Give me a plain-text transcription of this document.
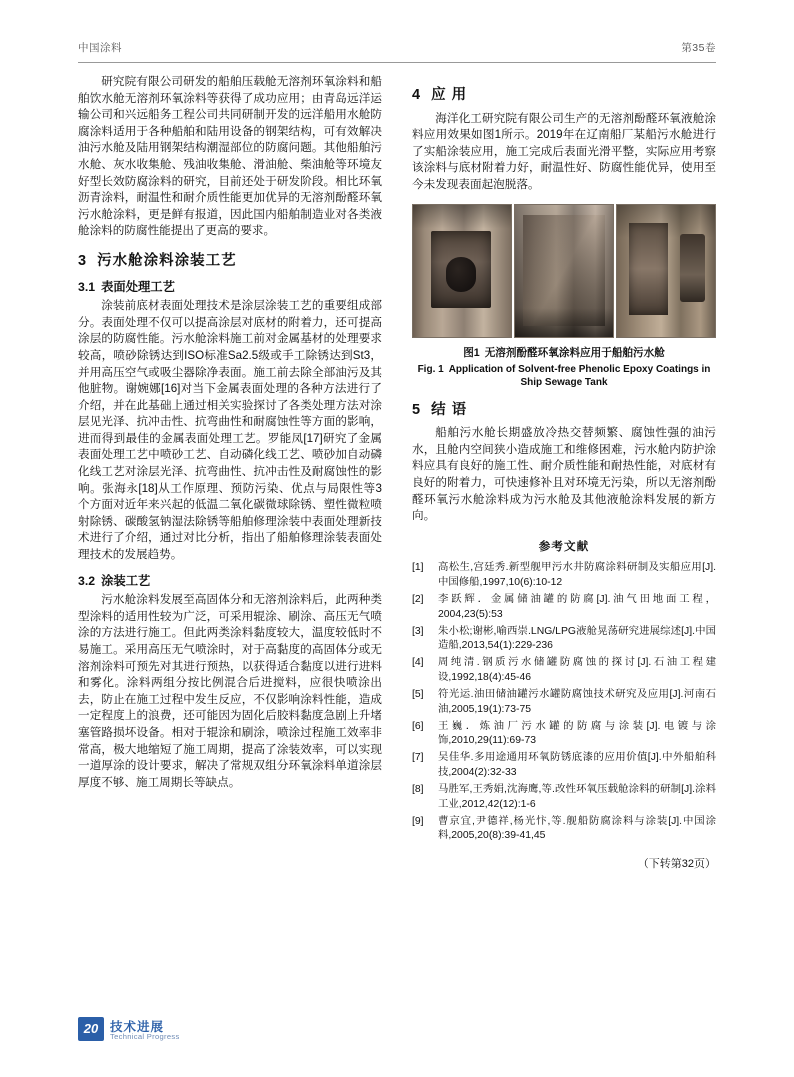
中国涂料	第35卷

研究院有限公司研发的船舶压载舱无溶剂环氧涂料和船舶饮水舱无溶剂环氧涂料等获得了成功应用；由青岛远洋运输公司和兴远船务工程公司共同研制开发的远洋船用水舱防腐涂料适用于各种船舶和陆用设备的钢架结构，可有效解决油污水舱及陆用钢架结构潮湿部位的防腐问题。其他船舶污水舱、灰水收集舱、残油收集舱、滑油舱、柴油舱等环境友好型长效防腐涂料的研究，目前还处于研发阶段。相比环氧沥青涂料，耐温性和耐介质性能更加优异的无溶剂酚醛环氧污水舱涂料，更是鲜有报道，因此国内船舶制造业对各类液舱涂料的防腐性能提出了更高的要求。

3 污水舱涂料涂装工艺
3.1 表面处理工艺

涂装前底材表面处理技术是涂层涂装工艺的重要组成部分。表面处理不仅可以提高涂层对底材的附着力，还可提高涂层的防腐性能。污水舱涂料施工前对金属基材的处理要求较高，喷砂除锈达到ISO标准Sa2.5级或手工除锈达到St3，并用高压空气或吸尘器除净表面。施工前去除全部油污及其他脏物。谢婉娜[16]对当下金属表面处理的各种方法进行了介绍，并在此基础上通过相关实验探讨了各类处理方法对涂层见光泽、抗冲击性、抗弯曲性和耐腐蚀性等方面的影响，进而得到最佳的金属表面处理工艺。罗能凤[17]研究了金属表面处理工艺中喷砂工艺、自动磷化线工艺、喷砂加自动磷化线工艺对涂层光泽、抗弯曲性、抗冲击性及耐腐蚀性的影响。张海永[18]从工作原理、预防污染、优点与局限性等3个方面对近年来兴起的低温二氧化碳微球除锈、塑性微粒喷射除锈、碳酸氢钠湿法除锈等船舶修理涂装中表面处理新技术进行了介绍，通过对比分析，指出了船舶修理涂装表面处理技术的发展趋势。

3.2 涂装工艺

污水舱涂料发展至高固体分和无溶剂涂料后，此两种类型涂料的适用性较为广泛，可采用辊涂、刷涂、高压无气喷涂的方法进行施工。但此两类涂料黏度较大，温度较低时不易施工。采用高压无气喷涂时，对于高黏度的高固体分或无溶剂涂料可预先对其进行预热，以获得适合黏度以进行进料和雾化。涂料两组分按比例混合后进搅料，应很快喷涂出去，防止在施工过程中发生反应，不仅影响涂料性能，造成一定程度上的浪费，还可能因为固化后胶料黏度急剧上升堵塞管路损坏设备。相对于辊涂和刷涂，喷涂过程施工效率非常高，极大地缩短了施工周期，提高了涂装效率，可以实现一道厚涂的设计要求，解决了常规双组分环氧涂料单道涂层厚度不够、施工周期长等缺点。

4 应 用

海洋化工研究院有限公司生产的无溶剂酚醛环氧液舱涂料应用效果如图1所示。2019年在辽南船厂某船污水舱进行了实船涂装应用，施工完成后表面光滑平整，实际应用考察该涂料与底材附着力好，耐温性好、防腐性能优异，使用至今未发现表面起泡脱落。

图1 无溶剂酚醛环氧涂料应用于船舶污水舱
Fig. 1 Application of Solvent-free Phenolic Epoxy Coatings in Ship Sewage Tank
5 结 语

船舶污水舱长期盛放冷热交替频繁、腐蚀性强的油污水，且舱内空间狭小造成施工和维修困难，污水舱内防护涂料应具有良好的施工性、耐介质性能和耐热性能，对底材有良好的附着力，可快速修补且对环境无污染，所以无溶剂酚醛环氧污水舱涂料成为污水舱及其他液舱涂料发展的新方向。

参考文献
[1]	高松生,宫廷秀.新型舰甲污水井防腐涂料研制及实船应用[J].中国修船,1997,10(6):10-12
[2]	李跃辉．金属储油罐的防腐[J].油气田地面工程，2004,23(5):53
[3]	朱小松;谢彬,喻西崇.LNG/LPG液舱晃荡研究进展综述[J].中国造船,2013,54(1):229-236
[4]	周纯清.钢质污水储罐防腐蚀的探讨[J].石油工程建设,1992,18(4):45-46
[5]	符光运.油田储油罐污水罐防腐蚀技术研究及应用[J].河南石油,2005,19(1):73-75
[6]	王巍．炼油厂污水罐的防腐与涂装[J].电镀与涂饰,2010,29(11):69-73
[7]	吴佳华.多用途通用环氧防锈底漆的应用价值[J].中外船舶科技,2004(2):32-33
[8]	马胜军,王秀娟,沈海鹰,等.改性环氧压载舱涂料的研制[J].涂料工业,2012,42(12):1-6
[9]	曹京宜,尹德祥,杨光忭,等.舰船防腐涂料与涂装[J].中国涂料,2005,20(8):39-41,45
（下转第32页）
20 技术进展
Technical Progress
